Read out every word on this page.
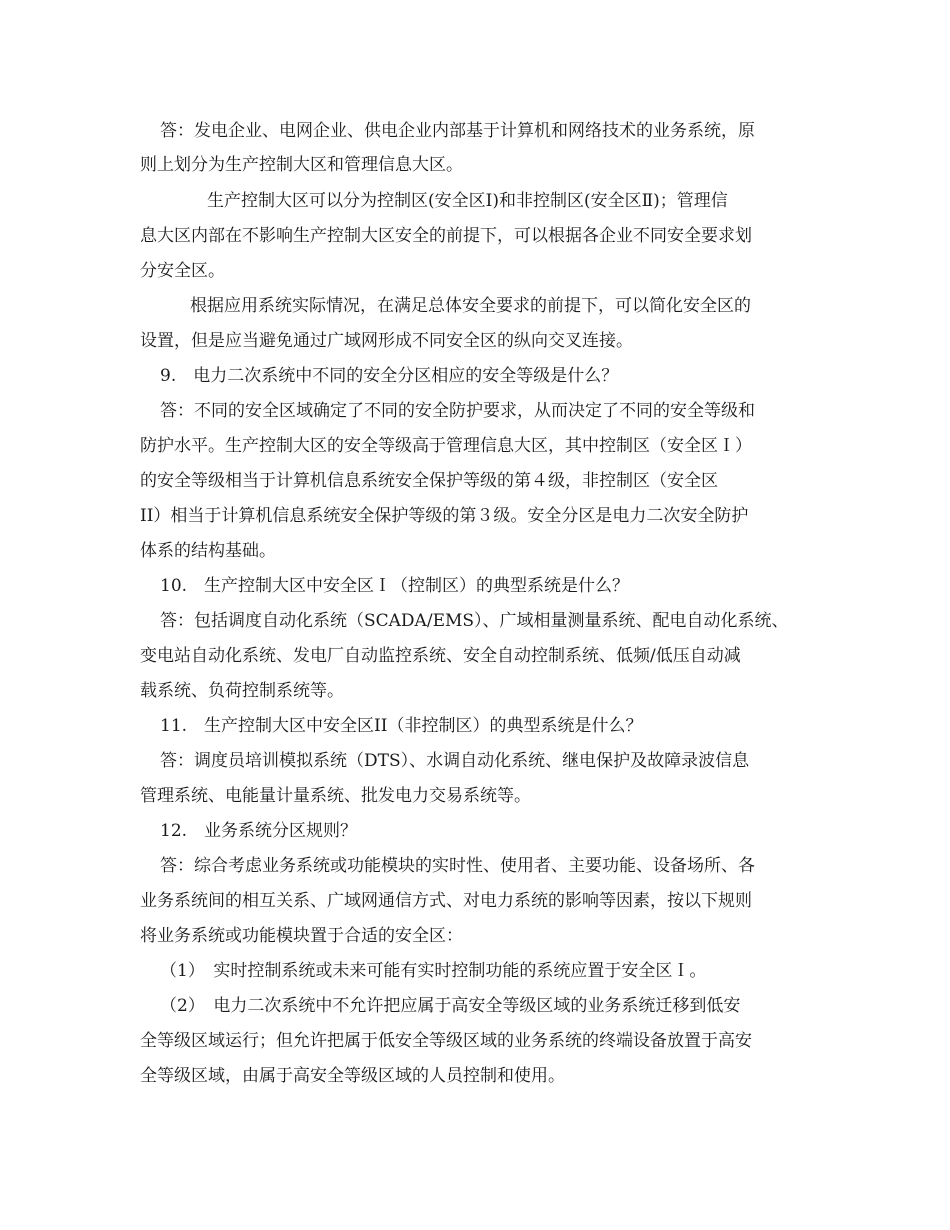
答：发电企业、电网企业、供电企业内部基于计算机和网络技术的业务系统，原

则上划分为生产控制大区和管理信息大区。

生产控制大区可以分为控制区(安全区Ⅰ)和非控制区(安全区Ⅱ)；管理信

息大区内部在不影响生产控制大区安全的前提下，可以根据各企业不同安全要求划

分安全区。

根据应用系统实际情况，在满足总体安全要求的前提下，可以简化安全区的

设置，但是应当避免通过广域网形成不同安全区的纵向交叉连接。

9.　电力二次系统中不同的安全分区相应的安全等级是什么？

答：不同的安全区域确定了不同的安全防护要求，从而决定了不同的安全等级和

防护水平。生产控制大区的安全等级高于管理信息大区，其中控制区（安全区Ｉ）

的安全等级相当于计算机信息系统安全保护等级的第４级，非控制区（安全区

II）相当于计算机信息系统安全保护等级的第３级。安全分区是电力二次安全防护

体系的结构基础。

10.　生产控制大区中安全区Ｉ（控制区）的典型系统是什么？

答：包括调度自动化系统（SCADA/EMS）、广域相量测量系统、配电自动化系统、

变电站自动化系统、发电厂自动监控系统、安全自动控制系统、低频/低压自动减

载系统、负荷控制系统等。

11.　生产控制大区中安全区II（非控制区）的典型系统是什么？

答：调度员培训模拟系统（DTS）、水调自动化系统、继电保护及故障录波信息

管理系统、电能量计量系统、批发电力交易系统等。

12.　业务系统分区规则？

答：综合考虑业务系统或功能模块的实时性、使用者、主要功能、设备场所、各

业务系统间的相互关系、广域网通信方式、对电力系统的影响等因素，按以下规则

将业务系统或功能模块置于合适的安全区：

（1）　实时控制系统或未来可能有实时控制功能的系统应置于安全区Ｉ。

（2）　电力二次系统中不允许把应属于高安全等级区域的业务系统迁移到低安

全等级区域运行；但允许把属于低安全等级区域的业务系统的终端设备放置于高安

全等级区域，由属于高安全等级区域的人员控制和使用。
